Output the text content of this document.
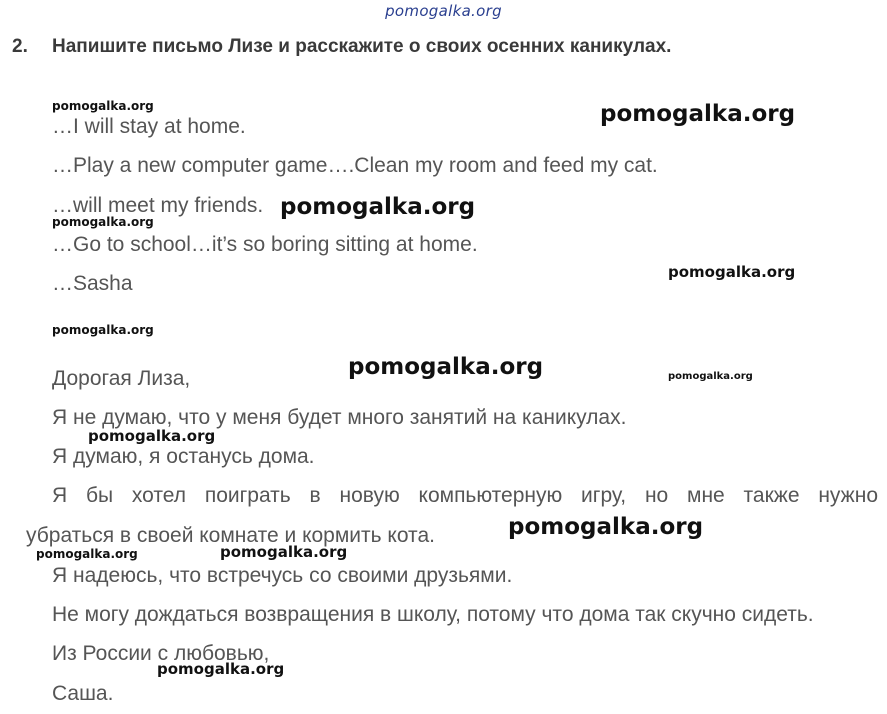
pomogalka.org
2. Напишите письмо Лизе и расскажите о своих осенних каникулах.
…I will stay at home.
…Play a new computer game….Clean my room and feed my cat.
…will meet my friends.
…Go to school…it’s so boring sitting at home.
…Sasha
Дорогая Лиза,
Я не думаю, что у меня будет много занятий на каникулах.
Я думаю, я останусь дома.
Я бы хотел поиграть в новую компьютерную игру, но мне также нужно
убраться в своей комнате и кормить кота.
Я надеюсь, что встречусь со своими друзьями.
Не могу дождаться возвращения в школу, потому что дома так скучно сидеть.
Из России с любовью,
Саша.
pomogalka.org	pomogalka.org
pomogalka.org
pomogalka.org
pomogalka.org
pomogalka.org
pomogalka.org	pomogalka.org
pomogalka.org
pomogalka.org
pomogalka.org	pomogalka.org
pomogalka.org
